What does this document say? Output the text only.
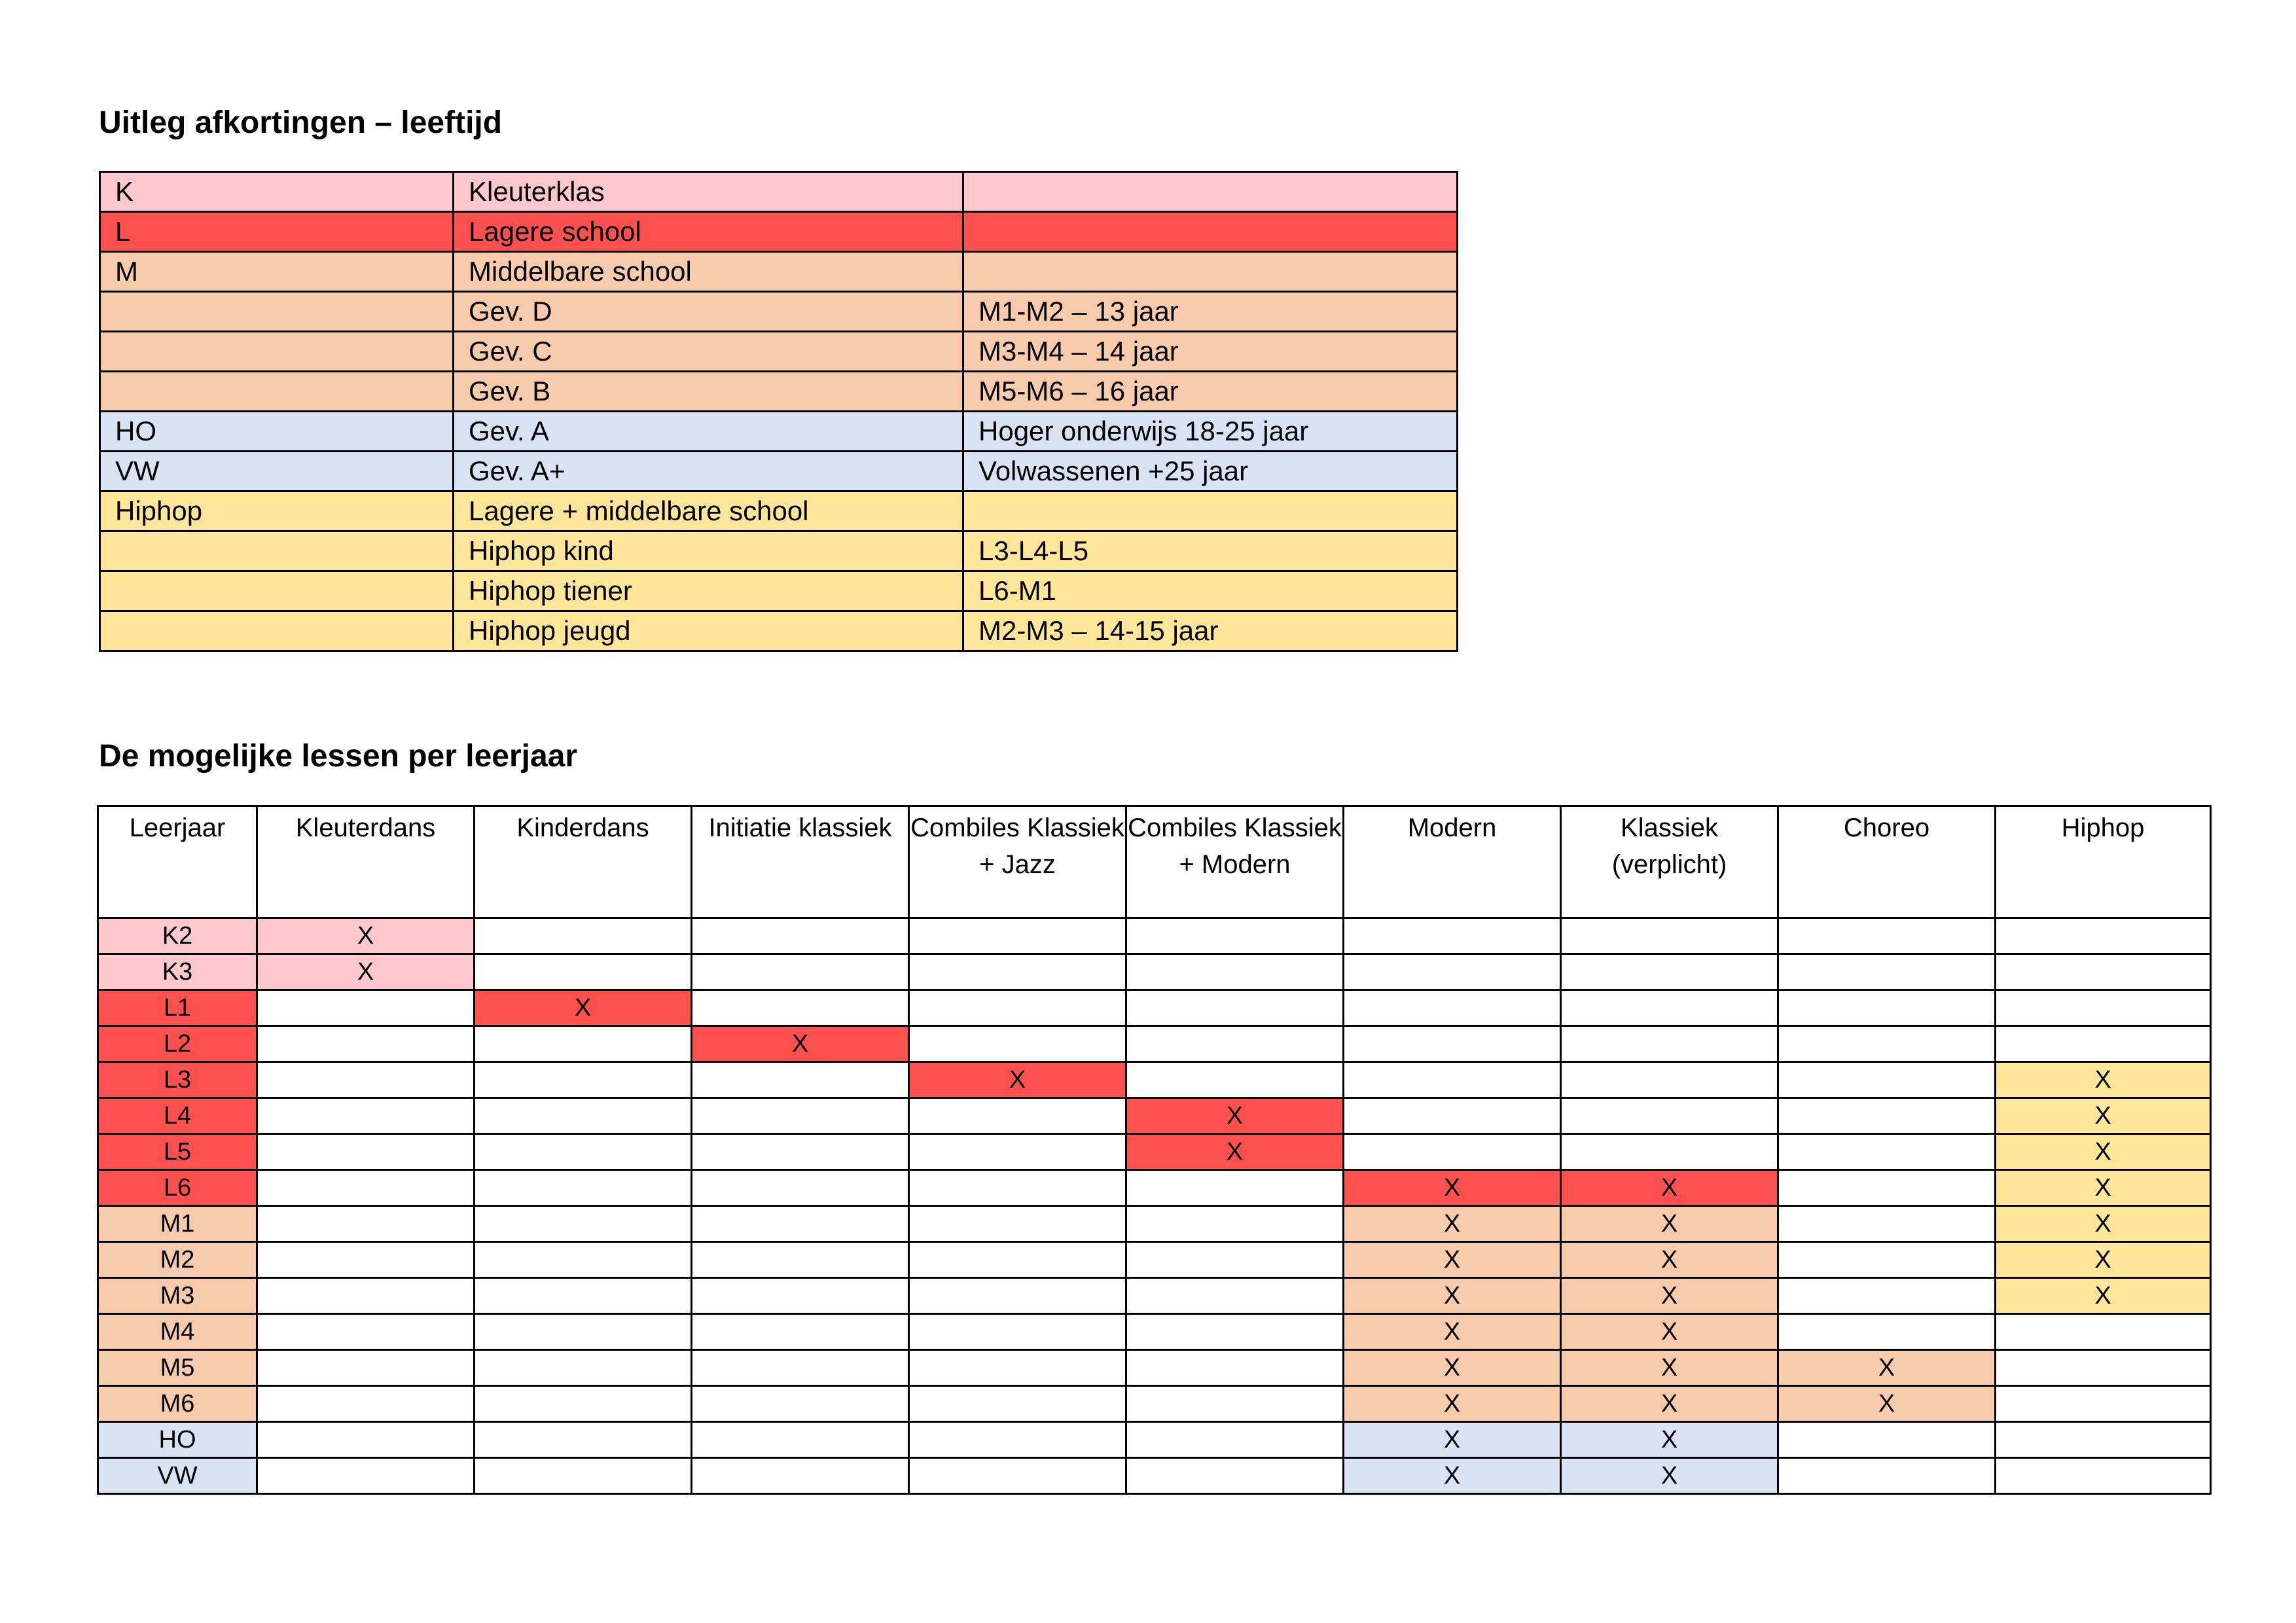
Uitleg afkortingen – leeftijd
K	Kleuterklas	
L	Lagere school	
M	Middelbare school	
	Gev. D	M1-M2 – 13 jaar
	Gev. C	M3-M4 – 14 jaar
	Gev. B	M5-M6 – 16 jaar
HO	Gev. A	Hoger onderwijs 18-25 jaar
VW	Gev. A+	Volwassenen +25 jaar
Hiphop	Lagere + middelbare school	
	Hiphop kind	L3-L4-L5
	Hiphop tiener	L6-M1
	Hiphop jeugd	M2-M3 – 14-15 jaar
De mogelijke lessen per leerjaar
Leerjaar	Kleuterdans	Kinderdans	Initiatie klassiek	Combiles Klassiek + Jazz	Combiles Klassiek + Modern	Modern	Klassiek (verplicht)	Choreo	Hiphop
K2	X								
K3	X								
L1		X							
L2			X						
L3				X					X
L4					X				X
L5					X				X
L6						X	X		X
M1						X	X		X
M2						X	X		X
M3						X	X		X
M4						X	X		
M5						X	X	X	
M6						X	X	X	
HO						X	X		
VW						X	X		
